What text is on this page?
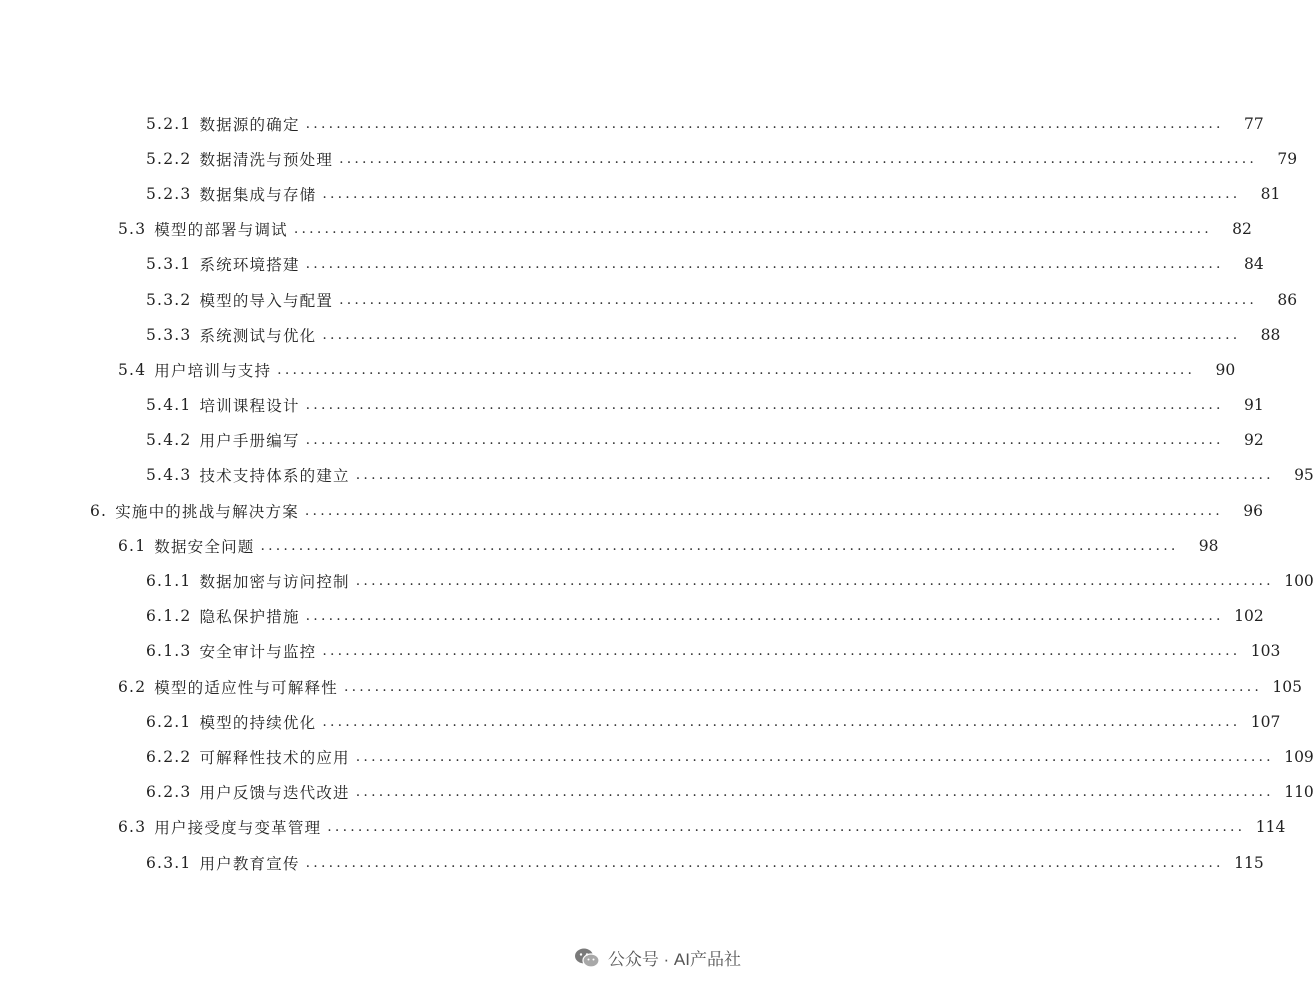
5.2.1 数据源的确定 ........................................................................................................................	77
5.2.2 数据清洗与预处理 ........................................................................................................................	79
5.2.3 数据集成与存储 ........................................................................................................................	81
5.3 模型的部署与调试 ........................................................................................................................	82
5.3.1 系统环境搭建 ........................................................................................................................	84
5.3.2 模型的导入与配置 ........................................................................................................................	86
5.3.3 系统测试与优化 ........................................................................................................................	88
5.4 用户培训与支持 ........................................................................................................................	90
5.4.1 培训课程设计 ........................................................................................................................	91
5.4.2 用户手册编写 ........................................................................................................................	92
5.4.3 技术支持体系的建立 ........................................................................................................................	95
6. 实施中的挑战与解决方案 ........................................................................................................................	96
6.1 数据安全问题 ........................................................................................................................	98
6.1.1 数据加密与访问控制 ........................................................................................................................ 100
6.1.2 隐私保护措施 ........................................................................................................................ 102
6.1.3 安全审计与监控 ........................................................................................................................ 103
6.2 模型的适应性与可解释性 ........................................................................................................................ 105
6.2.1 模型的持续优化 ........................................................................................................................ 107
6.2.2 可解释性技术的应用 ........................................................................................................................ 109
6.2.3 用户反馈与迭代改进 ........................................................................................................................ 110
6.3 用户接受度与变革管理 ........................................................................................................................ 114
6.3.1 用户教育宣传 ........................................................................................................................ 115
公众号 · AI产品社
